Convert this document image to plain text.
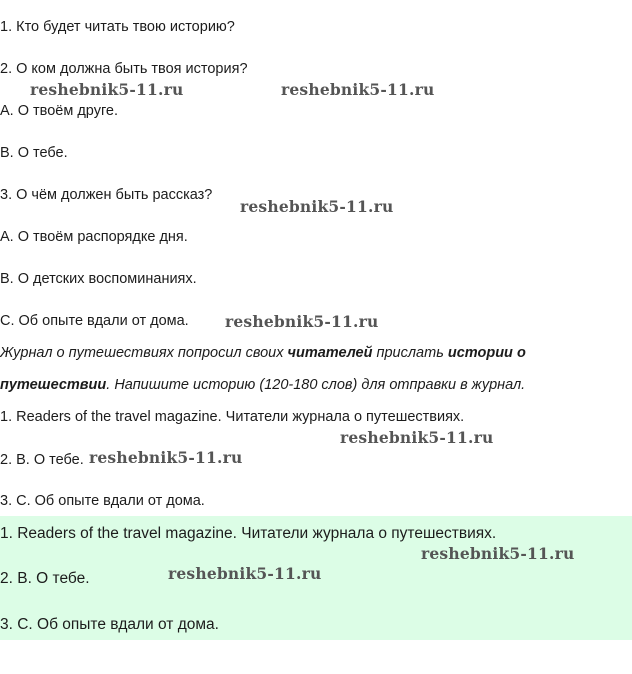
1. Кто будет читать твою историю?
2. О ком должна быть твоя история?
reshebnik5-11.ru	reshebnik5-11.ru
A. О твоём друге.
B. О тебе.
3. О чём должен быть рассказ?
reshebnik5-11.ru
A. О твоём распорядке дня.
B. О детских воспоминаниях.
C. Об опыте вдали от дома. reshebnik5-11.ru
Журнал о путешествиях попросил своих читателей прислать истории о
путешествии. Напишите историю (120-180 слов) для отправки в журнал.
1. Readers of the travel magazine. Читатели журнала о путешествиях.
reshebnik5-11.ru
2. B. О тебе. reshebnik5-11.ru
3. C. Об опыте вдали от дома.
1. Readers of the travel magazine. Читатели журнала о путешествиях.
reshebnik5-11.ru
2. B. О тебе.	reshebnik5-11.ru
3. C. Об опыте вдали от дома.
